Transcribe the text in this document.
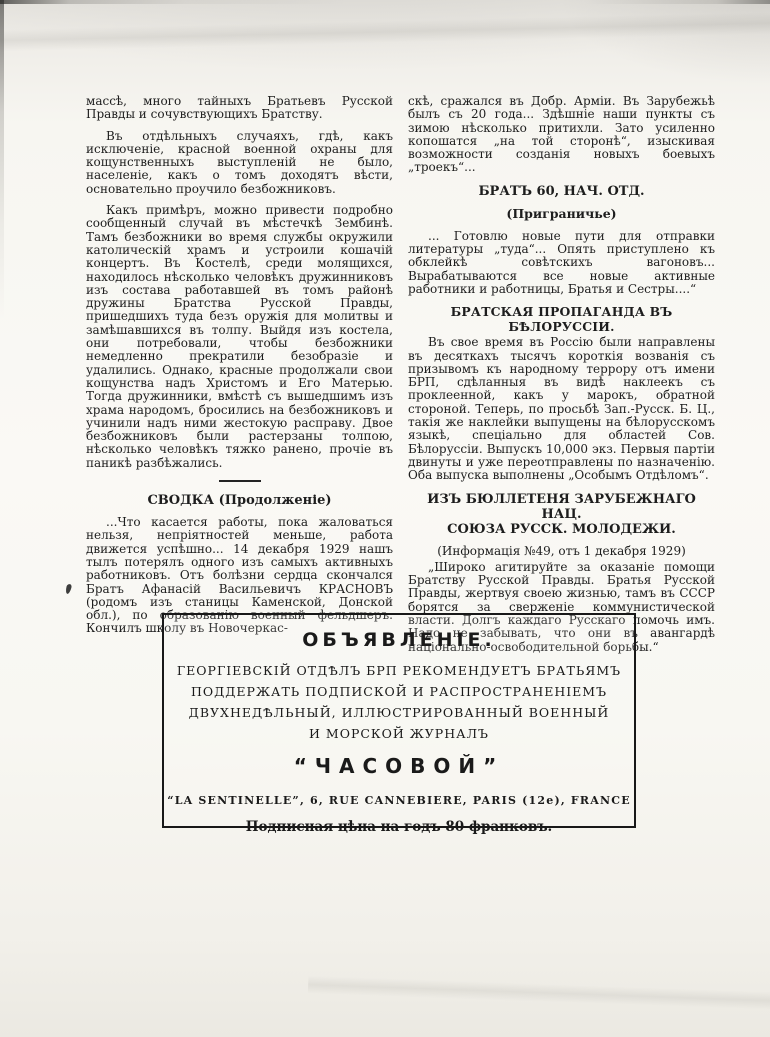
массѣ, много тайныхъ Братьевъ Русской Правды и сочувствующихъ Братству.

Въ отдѣльныхъ случаяхъ, гдѣ, какъ исключеніе, красной военной охраны для кощунственныхъ выступленій не было, населеніе, какъ о томъ доходятъ вѣсти, основательно проучило безбожниковъ.

Какъ примѣръ, можно привести подробно сообщенный случай въ мѣстечкѣ Зембинѣ. Тамъ безбожники во время службы окружили католическій храмъ и устроили кошачій концертъ. Въ Костелѣ, среди молящихся, находилось нѣсколько человѣкъ дружинниковъ изъ состава работавшей въ томъ районѣ дружины Братства Русской Правды, пришедшихъ туда безъ оружія для молитвы и замѣшавшихся въ толпу. Выйдя изъ костела, они потребовали, чтобы безбожники немедленно прекратили безобразіе и удалились. Однако, красные продолжали свои кощунства надъ Христомъ и Его Матерью. Тогда дружинники, вмѣстѣ съ вышедшимъ изъ храма народомъ, бросились на безбожниковъ и учинили надъ ними жестокую расправу. Двое безбожниковъ были растерзаны толпою, нѣсколько человѣкъ тяжко ранено, прочіе въ паникѣ разбѣжались.

СВОДКА (Продолженіе)

...Что касается работы, пока жаловаться нельзя, непріятностей меньше, работа движется успѣшно... 14 декабря 1929 нашъ тылъ потерялъ одного изъ самыхъ активныхъ работниковъ. Отъ болѣзни сердца скончался Братъ Афанасій Васильевичъ КРАСНОВЪ (родомъ изъ станицы Каменской, Донской обл.), по образованію военный фельдшеръ. Кончилъ школу въ Новочеркас-

скѣ, сражался въ Добр. Арміи. Въ Зарубежьѣ былъ съ 20 года... Здѣшніе наши пункты съ зимою нѣсколько притихли. Зато усиленно копошатся „на той сторонѣ“, изыскивая возможности созданія новыхъ боевыхъ „троекъ“...

БРАТЪ 60, НАЧ. ОТД.
(Приграничье)

... Готовлю новые пути для отправки литературы „туда“... Опять приступлено къ обклейкѣ совѣтскихъ вагоновъ... Вырабатываются все новые активные работники и работницы, Братья и Сестры....“

БРАТСКАЯ ПРОПАГАНДА ВЪ БѢЛОРУССІИ.

Въ свое время въ Россію были направлены въ десяткахъ тысячъ короткія возванія съ призывомъ къ народному террору отъ имени БРП, сдѣланныя въ видѣ наклеекъ съ проклеенной, какъ у марокъ, обратной стороной. Теперь, по просьбѣ Зап.-Русск. Б. Ц., такія же наклейки выпущены на бѣлорусскомъ языкѣ, спеціально для областей Сов. Бѣлоруссіи. Выпускъ 10,000 экз. Первыя партіи двинуты и уже переотправлены по назначенію. Оба выпуска выполнены „Особымъ Отдѣломъ“.

ИЗЪ БЮЛЛЕТЕНЯ ЗАРУБЕЖНАГО НАЦ.
СОЮЗА РУССК. МОЛОДЕЖИ.

(Информація №49, отъ 1 декабря 1929)

„Широко агитируйте за оказаніе помощи Братству Русской Правды. Братья Русской Правды, жертвуя своею жизнью, тамъ въ СССР борятся за сверженіе коммунистической власти. Долгъ каждаго Русскаго помочь имъ. Надо не забывать, что они въ авангардѣ національно-освободительной борьбы.“

ОБЪЯВЛЕНІЕ.
ГЕОРГІЕВСКІЙ ОТДѢЛЪ БРП РЕКОМЕНДУЕТЪ БРАТЬЯМЪ
ПОДДЕРЖАТЬ ПОДПИСКОЙ И РАСПРОСТРАНЕНІЕМЪ
ДВУХНЕДѢЛЬНЫЙ, ИЛЛЮСТРИРОВАННЫЙ ВОЕННЫЙ
И МОРСКОЙ ЖУРНАЛЪ
“ЧАСОВОЙ”
“LA SENTINELLE”, 6, RUE CANNEBIERE, PARIS (12e), FRANCE
Подписная цѣна на годъ 80 франковъ.
